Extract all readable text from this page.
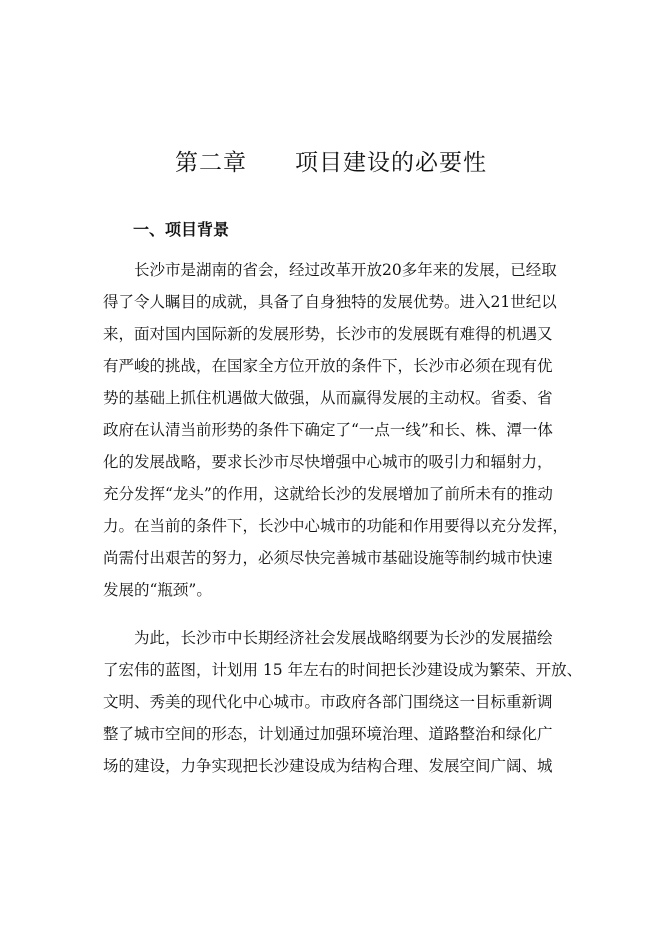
第二章　　项目建设的必要性
一、项目背景

长沙市是湖南的省会，经过改革开放20多年来的发展，已经取

得了令人瞩目的成就，具备了自身独特的发展优势。进入21世纪以

来，面对国内国际新的发展形势，长沙市的发展既有难得的机遇又

有严峻的挑战，在国家全方位开放的条件下，长沙市必须在现有优

势的基础上抓住机遇做大做强，从而赢得发展的主动权。省委、省

政府在认清当前形势的条件下确定了“一点一线”和长、株、潭一体

化的发展战略，要求长沙市尽快增强中心城市的吸引力和辐射力，

充分发挥“龙头”的作用，这就给长沙的发展增加了前所未有的推动

力。在当前的条件下，长沙中心城市的功能和作用要得以充分发挥，

尚需付出艰苦的努力，必须尽快完善城市基础设施等制约城市快速

发展的“瓶颈”。

为此，长沙市中长期经济社会发展战略纲要为长沙的发展描绘

了宏伟的蓝图，计划用 15 年左右的时间把长沙建设成为繁荣、开放、

文明、秀美的现代化中心城市。市政府各部门围绕这一目标重新调

整了城市空间的形态，计划通过加强环境治理、道路整治和绿化广

场的建设，力争实现把长沙建设成为结构合理、发展空间广阔、城
